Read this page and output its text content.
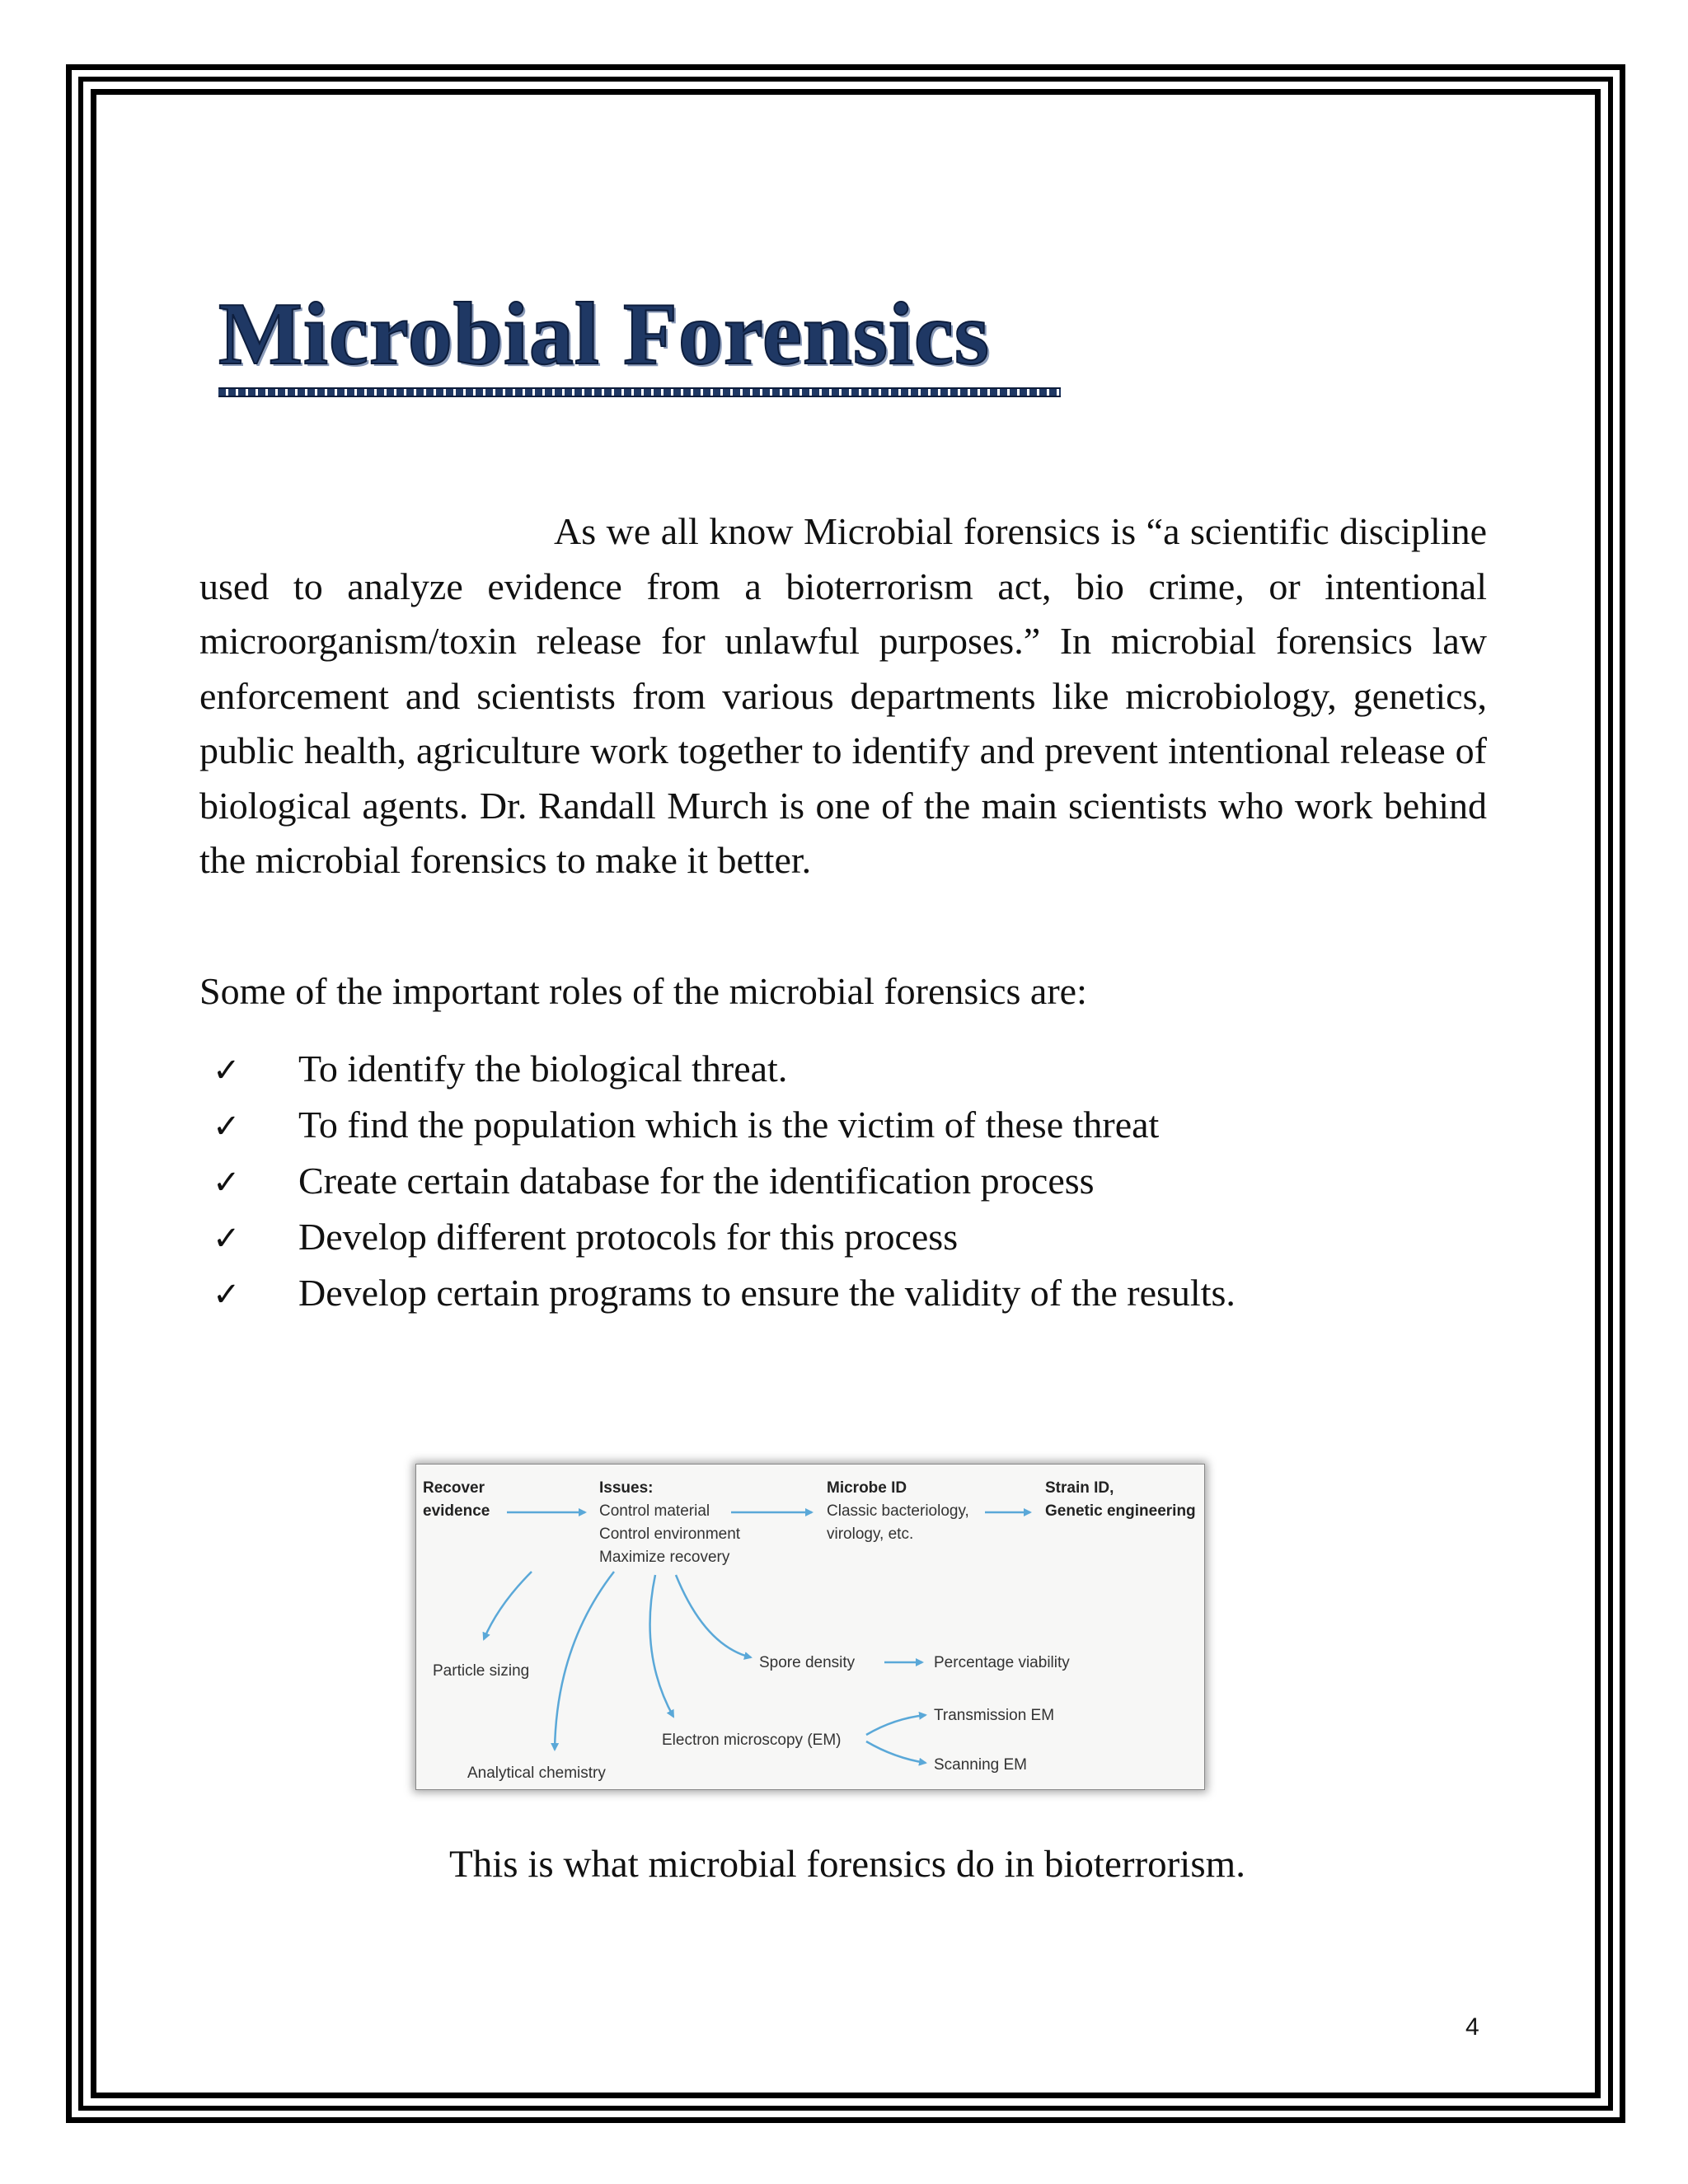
Microbial Forensics

As we all know Microbial forensics is “a scientific discipline used to analyze evidence from a bioterrorism act, bio crime, or intentional microorganism/toxin release for unlawful purposes.” In microbial forensics law enforcement and scientists from various departments like microbiology, genetics, public health, agriculture work together to identify and prevent intentional release of biological agents. Dr. Randall Murch is one of the main scientists who work behind the microbial forensics to make it better.

Some of the important roles of the microbial forensics are:

✓	To identify the biological threat.
✓	To find the population which is the victim of these threat
✓	Create certain database for the identification process
✓	Develop different protocols for this process
✓	Develop certain programs to ensure the validity of the results.
Recover
evidence
Issues:
Control material
Control environment
Maximize recovery
Microbe ID
Classic bacteriology,
virology, etc.
Strain ID,
Genetic engineering
Particle sizing	Spore density	Percentage viability
Transmission EM
Electron microscopy (EM)
Scanning EM
Analytical chemistry

This is what microbial forensics do in bioterrorism.

4
